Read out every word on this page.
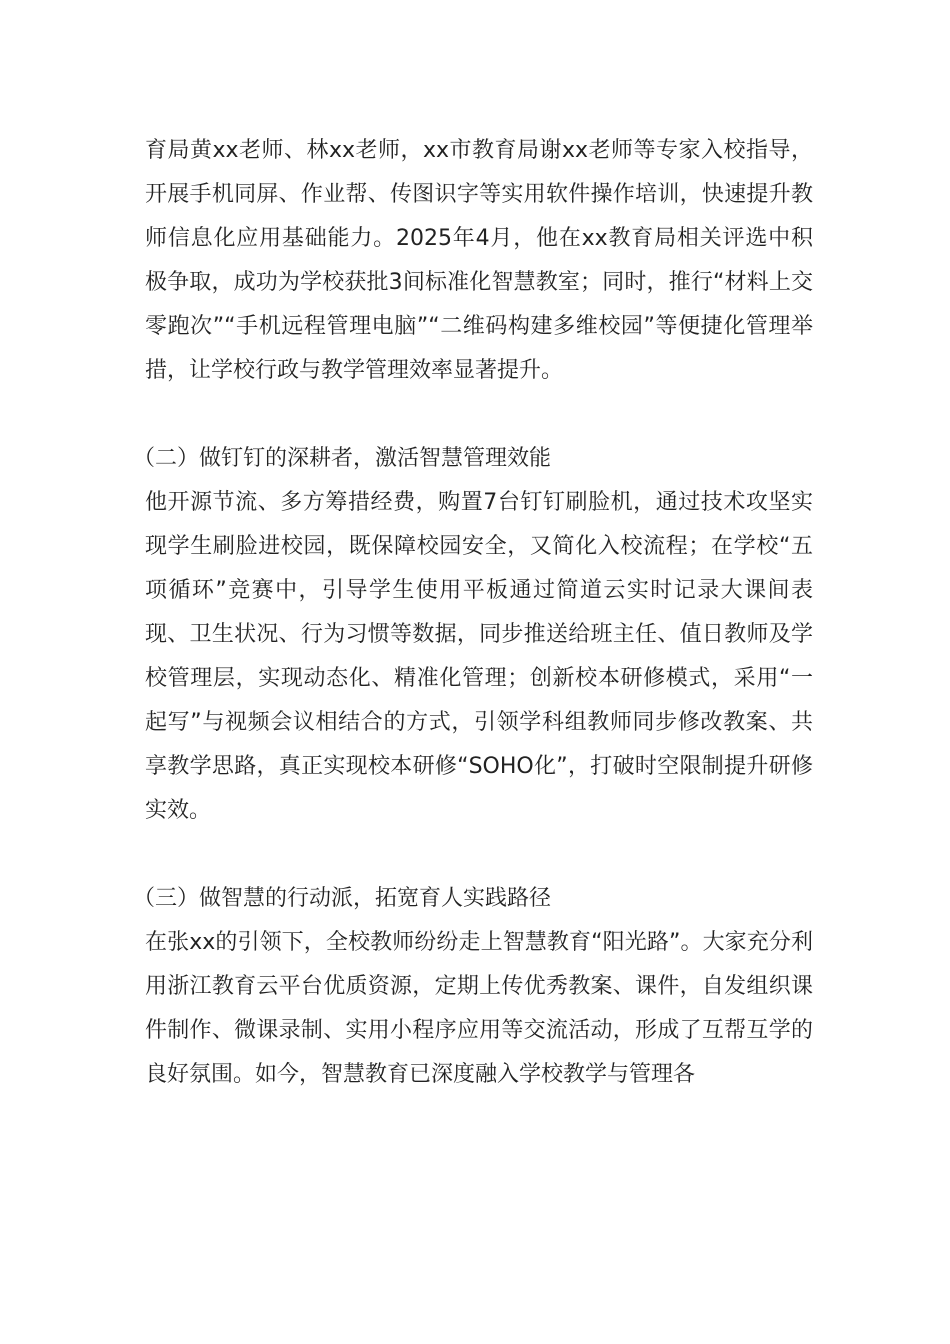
育局黄xx老师、林xx老师，xx市教育局谢xx老师等专家入校指导，开展手机同屏、作业帮、传图识字等实用软件操作培训，快速提升教师信息化应用基础能力。2025年4月，他在xx教育局相关评选中积极争取，成功为学校获批3间标准化智慧教室；同时，推行“材料上交零跑次”“手机远程管理电脑”“二维码构建多维校园”等便捷化管理举措，让学校行政与教学管理效率显著提升。

（二）做钉钉的深耕者，激活智慧管理效能

他开源节流、多方筹措经费，购置7台钉钉刷脸机，通过技术攻坚实现学生刷脸进校园，既保障校园安全，又简化入校流程；在学校“五项循环”竞赛中，引导学生使用平板通过简道云实时记录大课间表现、卫生状况、行为习惯等数据，同步推送给班主任、值日教师及学校管理层，实现动态化、精准化管理；创新校本研修模式，采用“一起写”与视频会议相结合的方式，引领学科组教师同步修改教案、共享教学思路，真正实现校本研修“SOHO化”，打破时空限制提升研修实效。

（三）做智慧的行动派，拓宽育人实践路径

在张xx的引领下，全校教师纷纷走上智慧教育“阳光路”。大家充分利用浙江教育云平台优质资源，定期上传优秀教案、课件，自发组织课件制作、微课录制、实用小程序应用等交流活动，形成了互帮互学的良好氛围。如今，智慧教育已深度融入学校教学与管理各
